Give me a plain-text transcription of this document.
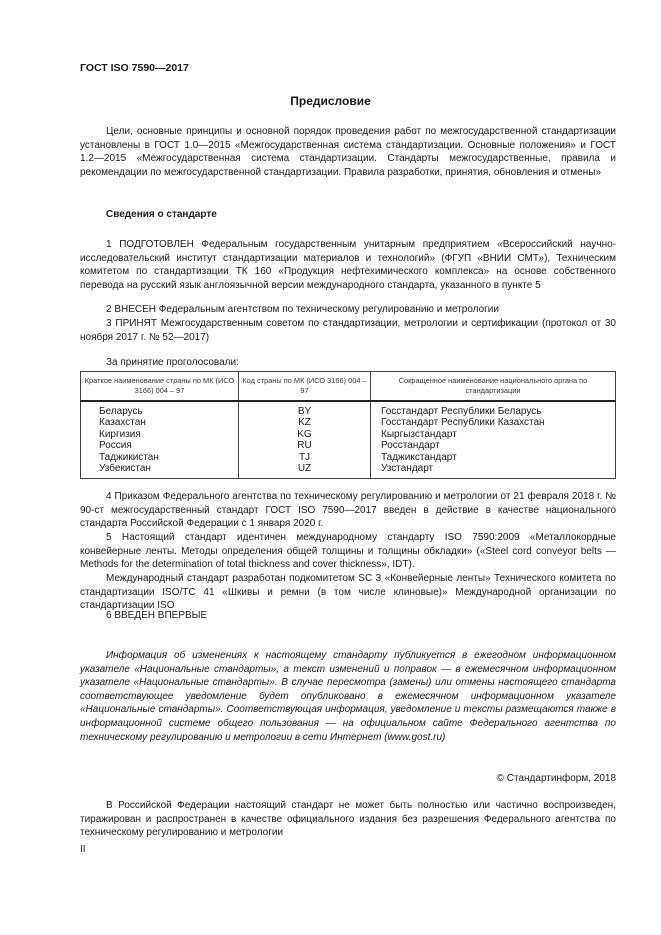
ГОСТ ISO 7590—2017
Предисловие
Цели, основные принципы и основной порядок проведения работ по межгосударственной стандартизации установлены в ГОСТ 1.0—2015 «Межгосударственная система стандартизации. Основные положения» и ГОСТ 1.2—2015 «Межгосударственная система стандартизации. Стандарты межгосударственные, правила и рекомендации по межгосударственной стандартизации. Правила разработки, принятия, обновления и отмены»
Сведения о стандарте
1 ПОДГОТОВЛЕН Федеральным государственным унитарным предприятием «Всероссийский научно-исследовательский институт стандартизации материалов и технологий» (ФГУП «ВНИИ СМТ»), Техническим комитетом по стандартизации ТК 160 «Продукция нефтехимического комплекса» на основе собственного перевода на русский язык англоязычной версии международного стандарта, указанного в пункте 5
2 ВНЕСЕН Федеральным агентством по техническому регулированию и метрологии
3 ПРИНЯТ Межгосударственным советом по стандартизации, метрологии и сертификации (протокол от 30 ноября 2017 г. № 52—2017)
За принятие проголосовали:
Краткое наименование страны по МК (ИСО 3166) 004 – 97	Код страны по МК (ИСО 3166) 004 – 97	Сокращенное наименование национального органа по стандартизации
Беларусь	BY	Госстандарт Республики Беларусь
Казахстан	KZ	Госстандарт Республики Казахстан
Киргизия	KG	Кыргызстандарт
Россия	RU	Росстандарт
Таджикистан	TJ	Таджикстандарт
Узбекистан	UZ	Узстандарт
4 Приказом Федерального агентства по техническому регулированию и метрологии от 21 февраля 2018 г. № 90-ст межгосударственный стандарт ГОСТ ISO 7590—2017 введен в действие в качестве национального стандарта Российской Федерации с 1 января 2020 г.
5 Настоящий стандарт идентичен международному стандарту ISO 7590:2009 «Металлокордные конвейерные ленты. Методы определения общей толщины и толщины обкладки» («Steel cord conveyor belts — Methods for the determination of total thickness and cover thickness», IDT).
Международный стандарт разработан подкомитетом SC 3 «Конвейерные ленты» Технического комитета по стандартизации ISO/TC 41 «Шкивы и ремни (в том числе клиновые)» Международной организации по стандартизации ISO
6 ВВЕДЕН ВПЕРВЫЕ
Информация об изменениях к настоящему стандарту публикуется в ежегодном информационном указателе «Национальные стандарты», а текст изменений и поправок — в ежемесячном информационном указателе «Национальные стандарты». В случае пересмотра (замены) или отмены настоящего стандарта соответствующее уведомление будет опубликовано в ежемесячном информационном указателе «Национальные стандарты». Соответствующая информация, уведомление и тексты размещаются также в информационной системе общего пользования — на официальном сайте Федерального агентства по техническому регулированию и метрологии в сети Интернет (www.gost.ru)
© Стандартинформ, 2018
В Российской Федерации настоящий стандарт не может быть полностью или частично воспроизведен, тиражирован и распространен в качестве официального издания без разрешения Федерального агентства по техническому регулированию и метрологии
II
